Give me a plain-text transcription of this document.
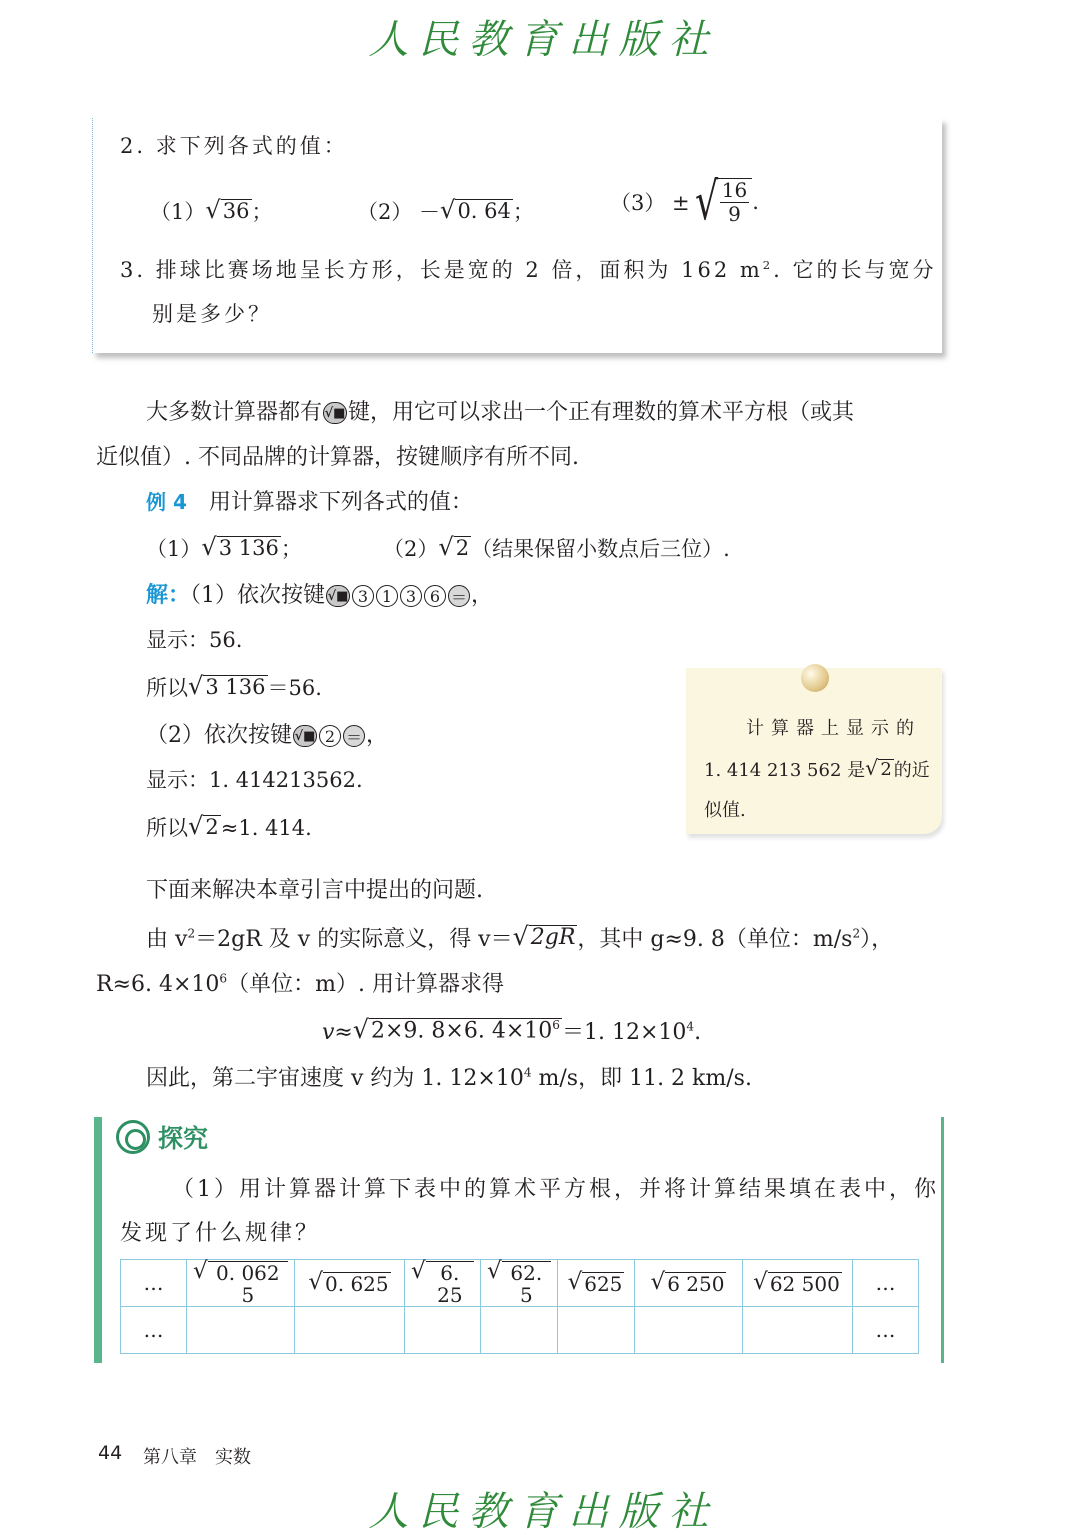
人民教育出版社
2. 求下列各式的值：
（1） √ 36 ；	（2） － √ 0. 64 ；	（3） ± √
$\frac{16}{9}$ .
3. 排球比赛场地呈长方形，长是宽的 2 倍，面积为 162 $m^2$. 它的长与宽分
别是多少？
大多数计算器都有 √■ 键，用它可以求出一个正有理数的算术平方根（或其
近似值）. 不同品牌的计算器，按键顺序有所不同.
例 4 用计算器求下列各式的值：
（1） √ 3 136 ；	（2） √ 2 （结果保留小数点后三位）.
解：（1）依次按键 √■ 3 1 3 6 ＝ ，
显示：56.
所以 √ 3 136 ＝56.
（2）依次按键 √■ 2 ＝ ，
显示：1. 414213562.
所以 √ 2 ≈1. 414.
计算器上显示的
1. 414 213 562 是 √ 2 的近
似值.
下面来解决本章引言中提出的问题.
由 $v^2=2gR$ 及 v 的实际意义，得 v＝ √ 2gR ，其中 g≈9. 8（单位：$m/s^2$），
R≈6. $4\times 10^6$（单位：m）. 用计算器求得
v≈ √ 2×9. 8×6. $4\times 10^6 =1$. $12\times 10^4$.
因此，第二宇宙速度 v 约为 1. $12\times 10^4$ m/s，即 11. 2 km/s.
探究
（1）用计算器计算下表中的算术平方根，并将计算结果填在表中，你
发现了什么规律？
…	√ 0. 062 5	√ 0. 625	√ 6. 25	√ 62. 5	√ 625	√ 6 250	√ 62 500	…
…								…
44 第八章　实数
人民教育出版社
